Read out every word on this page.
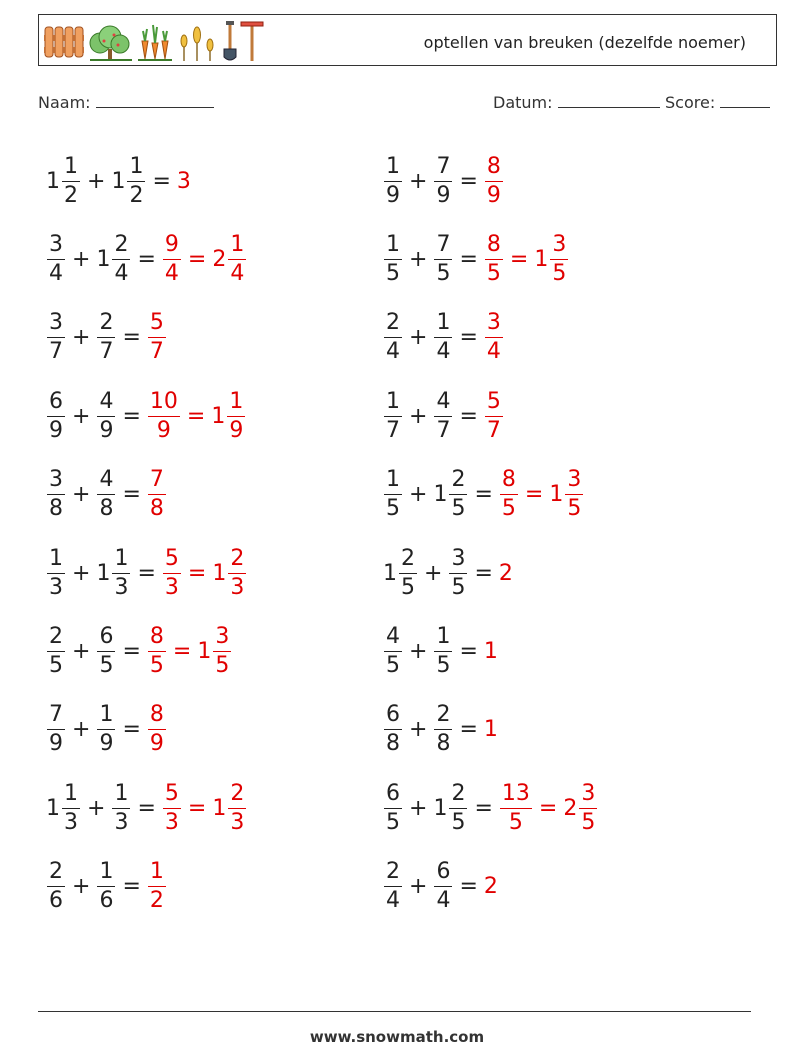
optellen van breuken (dezelfde noemer)
Naam:	Datum:	Score:
$1 \frac{1}{2} + 1 \frac{1}{2} = 3$
$\frac{3}{4} + 1 \frac{2}{4} = \frac{9}{4} = 2 \frac{1}{4}$
$\frac{3}{7} + \frac{2}{7} = \frac{5}{7}$
$\frac{6}{9} + \frac{4}{9} = \frac{10}{9} = 1 \frac{1}{9}$
$\frac{3}{8} + \frac{4}{8} = \frac{7}{8}$
$\frac{1}{3} + 1 \frac{1}{3} = \frac{5}{3} = 1 \frac{2}{3}$
$\frac{2}{5} + \frac{6}{5} = \frac{8}{5} = 1 \frac{3}{5}$
$\frac{7}{9} + \frac{1}{9} = \frac{8}{9}$
$1 \frac{1}{3} + \frac{1}{3} = \frac{5}{3} = 1 \frac{2}{3}$
$\frac{2}{6} + \frac{1}{6} = \frac{1}{2}$
$\frac{1}{9} + \frac{7}{9} = \frac{8}{9}$
$\frac{1}{5} + \frac{7}{5} = \frac{8}{5} = 1 \frac{3}{5}$
$\frac{2}{4} + \frac{1}{4} = \frac{3}{4}$
$\frac{1}{7} + \frac{4}{7} = \frac{5}{7}$
$\frac{1}{5} + 1 \frac{2}{5} = \frac{8}{5} = 1 \frac{3}{5}$
$1 \frac{2}{5} + \frac{3}{5} = 2$
$\frac{4}{5} + \frac{1}{5} = 1$
$\frac{6}{8} + \frac{2}{8} = 1$
$\frac{6}{5} + 1 \frac{2}{5} = \frac{13}{5} = 2 \frac{3}{5}$
$\frac{2}{4} + \frac{6}{4} = 2$
www.snowmath.com
